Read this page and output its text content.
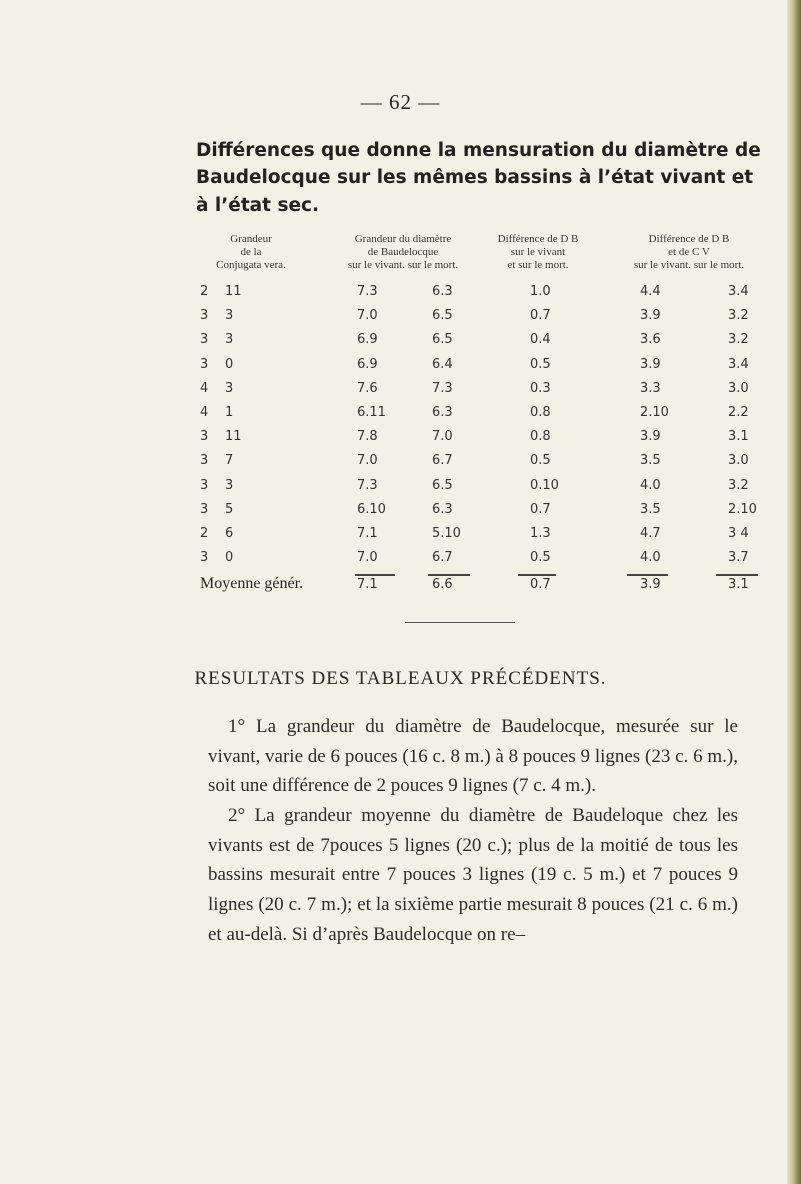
— 62 —
Différences que donne la mensuration du diamètre de
Baudelocque sur les mêmes bassins à l’état vivant et
à l’état sec.
Grandeur
de la
Conjugata vera.
Grandeur du diamètre
de Baudelocque
sur le vivant. sur le mort.
Différence de D B
sur le vivant
et sur le mort.
Différence de D B
et de C V
sur le vivant. sur le mort.
2 11	7.3	6.3	1.0	4.4	3.4
3 3	7.0	6.5	0.7	3.9	3.2
3 3	6.9	6.5	0.4	3.6	3.2
3 0	6.9	6.4	0.5	3.9	3.4
4 3	7.6	7.3	0.3	3.3	3.0
4 1	6.11	6.3	0.8	2.10	2.2
3 11	7.8	7.0	0.8	3.9	3.1
3 7	7.0	6.7	0.5	3.5	3.0
3 3	7.3	6.5	0.10	4.0	3.2
3 5	6.10	6.3	0.7	3.5	2.10
2 6	7.1	5.10	1.3	4.7	3 4
3 0	7.0	6.7	0.5	4.0	3.7
Moyenne génér.	7.1	6.6	0.7	3.9	3.1
RESULTATS DES TABLEAUX PRÉCÉDENTS.
1° La grandeur du diamètre de Baudelocque, mesurée sur le vivant, varie de 6 pouces (16 c. 8 m.) à 8 pouces 9 lignes (23 c. 6 m.), soit une différence de 2 pouces 9 lignes (7 c. 4 m.).
2° La grandeur moyenne du diamètre de Baudeloque chez les vivants est de 7pouces 5 lignes (20 c.); plus de la moitié de tous les bassins mesurait entre 7 pouces 3 lignes (19 c. 5 m.) et 7 pouces 9 lignes (20 c. 7 m.); et la sixième partie mesurait 8 pouces (21 c. 6 m.) et au-delà. Si d’après Baudelocque on re–
